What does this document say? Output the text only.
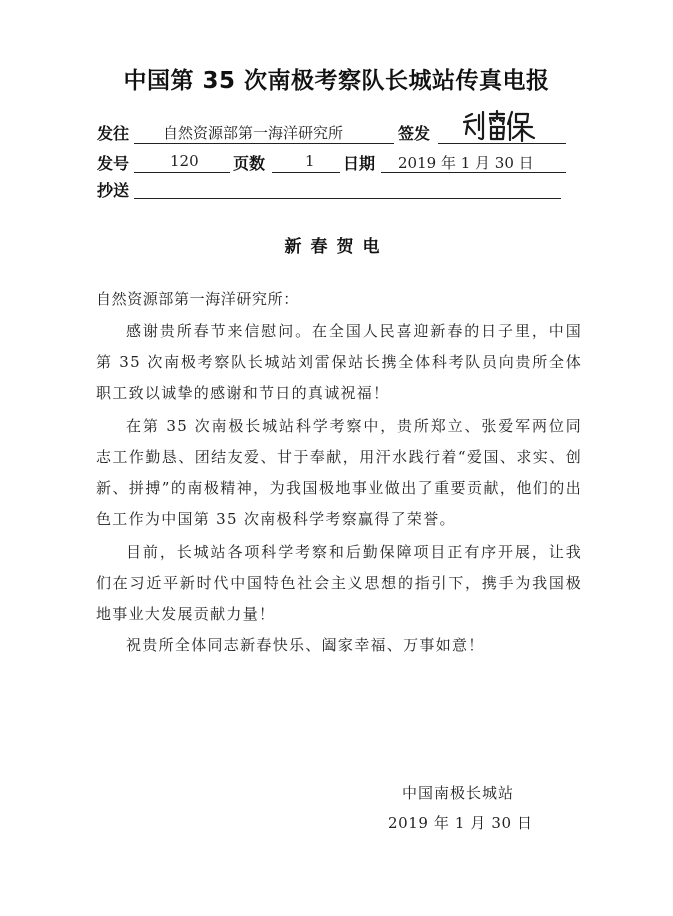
中国第 35 次南极考察队长城站传真电报
发往 自然资源部第一海洋研究所	签发
发号	120 页数	1 日期 2019 年 1 月 30 日
抄送
新春贺电
自然资源部第一海洋研究所：

感谢贵所春节来信慰问。在全国人民喜迎新春的日子里，中国第 35 次南极考察队长城站刘雷保站长携全体科考队员向贵所全体职工致以诚挚的感谢和节日的真诚祝福！

在第 35 次南极长城站科学考察中，贵所郑立、张爱军两位同志工作勤恳、团结友爱、甘于奉献，用汗水践行着“爱国、求实、创新、拼搏”的南极精神，为我国极地事业做出了重要贡献，他们的出色工作为中国第 35 次南极科学考察赢得了荣誉。

目前，长城站各项科学考察和后勤保障项目正有序开展，让我们在习近平新时代中国特色社会主义思想的指引下，携手为我国极地事业大发展贡献力量！

祝贵所全体同志新春快乐、阖家幸福、万事如意！

中国南极长城站
2019 年 1 月 30 日
